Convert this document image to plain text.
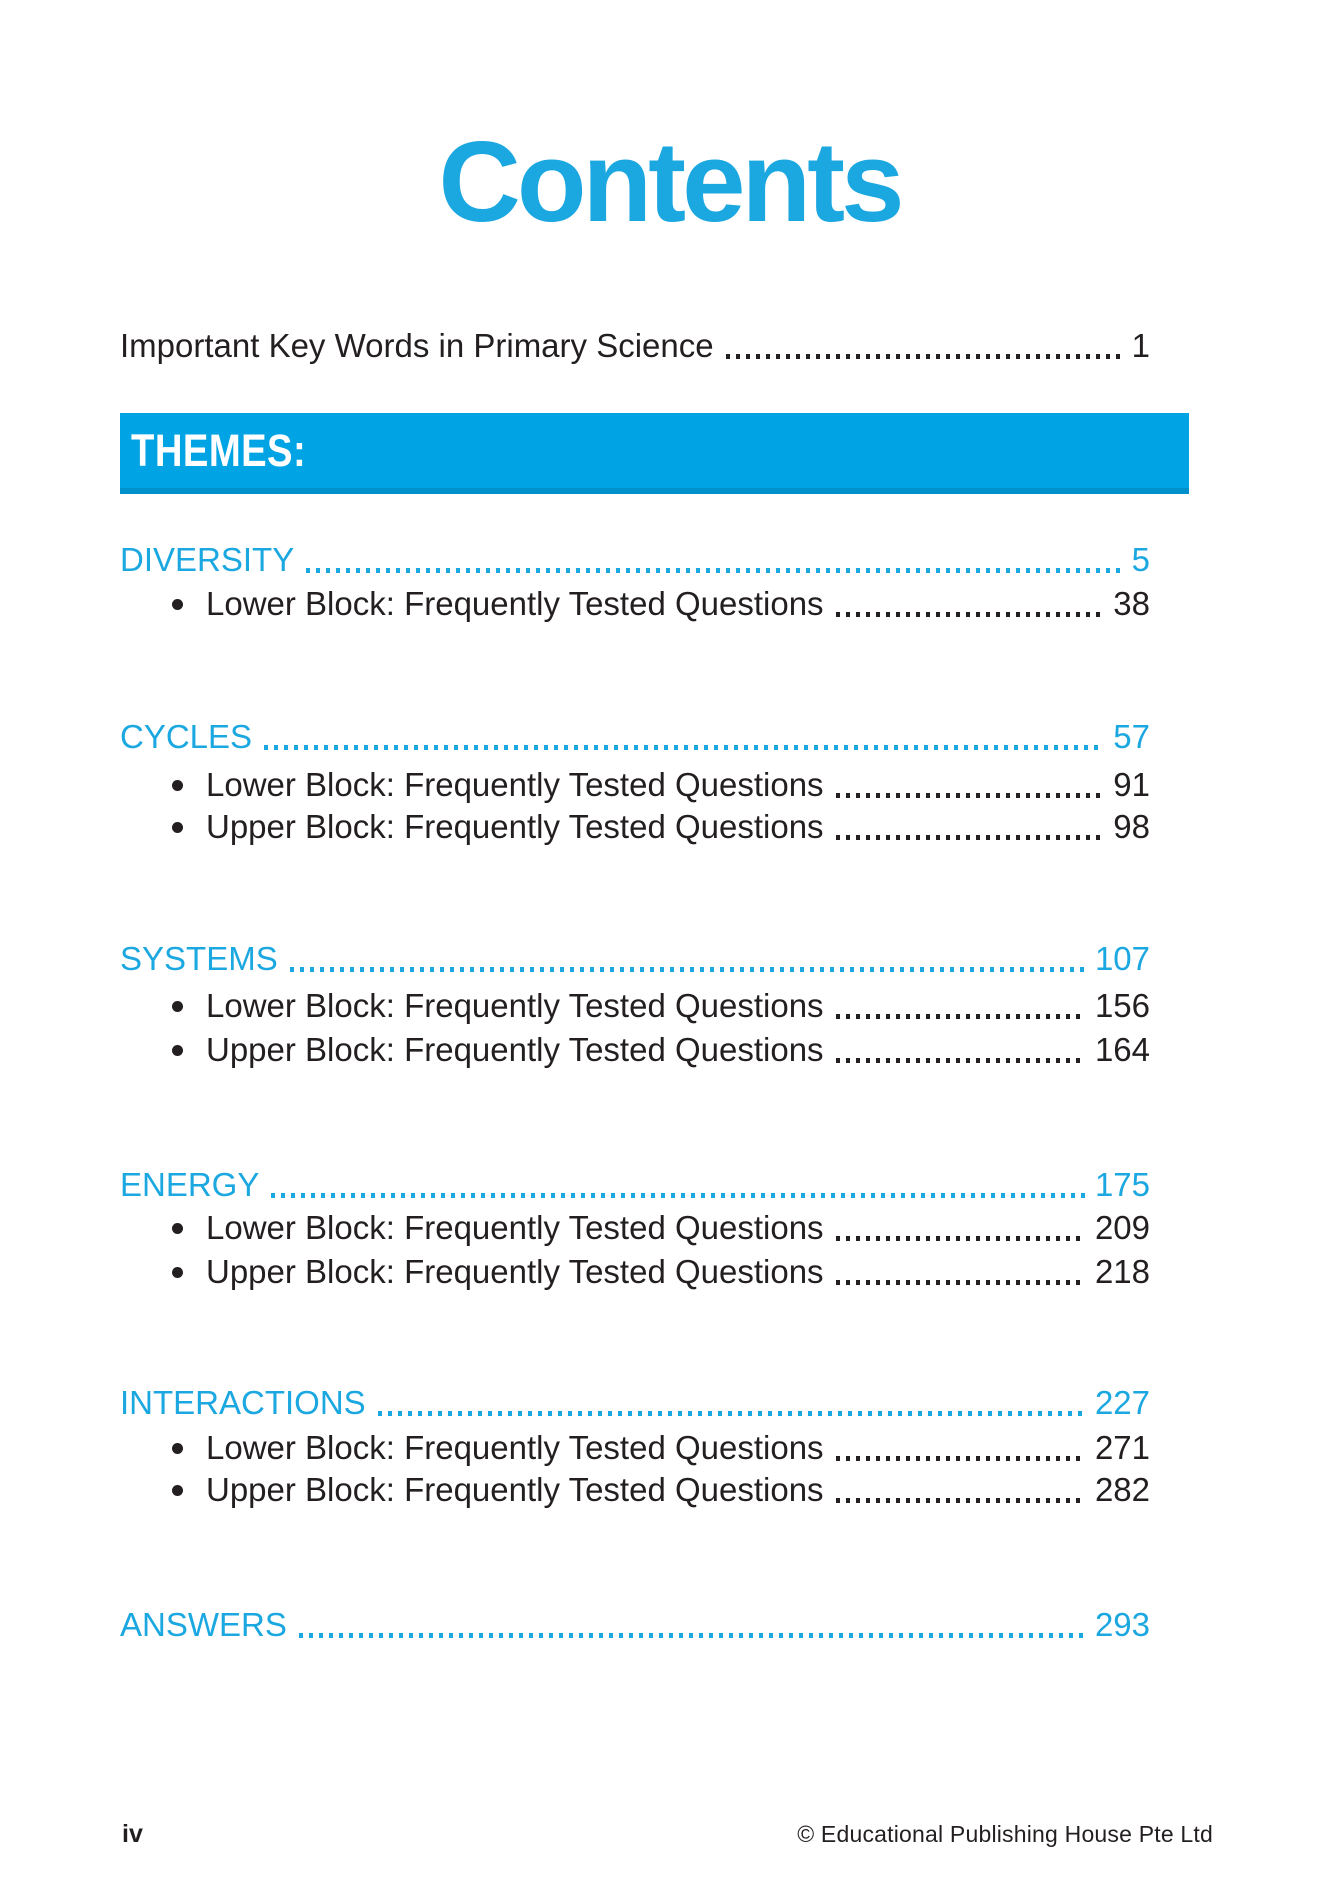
Contents
Important Key Words in Primary Science	1
THEMES:
DIVERSITY	5
Lower Block: Frequently Tested Questions	38
CYCLES	57
Lower Block: Frequently Tested Questions	91
Upper Block: Frequently Tested Questions	98
SYSTEMS	107
Lower Block: Frequently Tested Questions	156
Upper Block: Frequently Tested Questions	164
ENERGY	175
Lower Block: Frequently Tested Questions	209
Upper Block: Frequently Tested Questions	218
INTERACTIONS	227
Lower Block: Frequently Tested Questions	271
Upper Block: Frequently Tested Questions	282
ANSWERS	293
iv	© Educational Publishing House Pte Ltd
